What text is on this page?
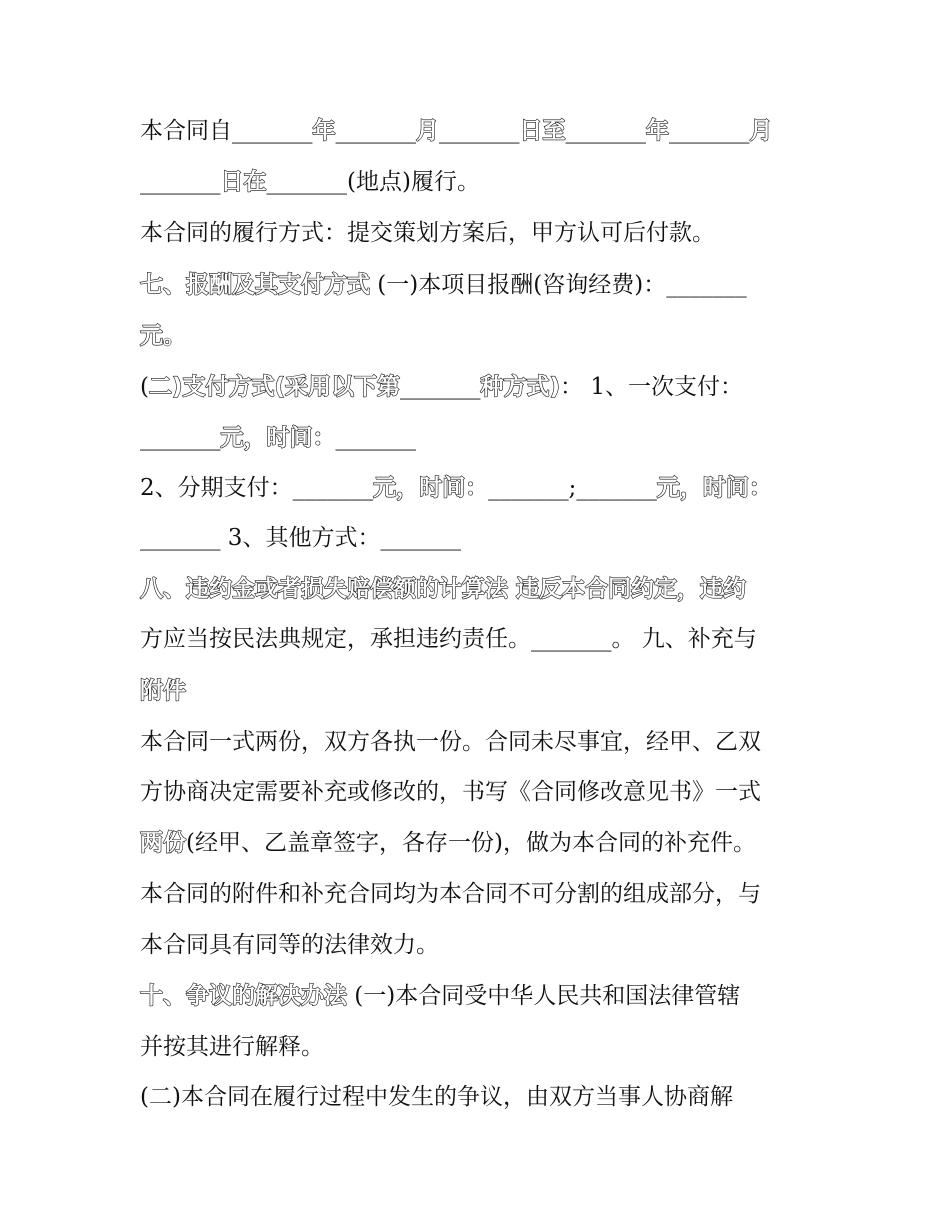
本合同自_______年_______月_______日至_______年_______月
_______日在_______(地点)履行。
本合同的履行方式：提交策划方案后，甲方认可后付款。
七、报酬及其支付方式 (一)本项目报酬(咨询经费)：_______
元。
(二)支付方式(采用以下第_______种方式)： 1、一次支付：
_______元，时间：_______
2、分期支付：_______元，时间：_______;_______元，时间：
_______ 3、其他方式：_______
八、违约金或者损失赔偿额的计算法 违反本合同约定，违约
方应当按民法典规定，承担违约责任。_______。 九、补充与
附件
本合同一式两份，双方各执一份。合同未尽事宜，经甲、乙双
方协商决定需要补充或修改的，书写《合同修改意见书》一式
两份(经甲、乙盖章签字，各存一份)，做为本合同的补充件。
本合同的附件和补充合同均为本合同不可分割的组成部分，与
本合同具有同等的法律效力。
十、争议的解决办法 (一)本合同受中华人民共和国法律管辖
并按其进行解释。
(二)本合同在履行过程中发生的争议，由双方当事人协商解
